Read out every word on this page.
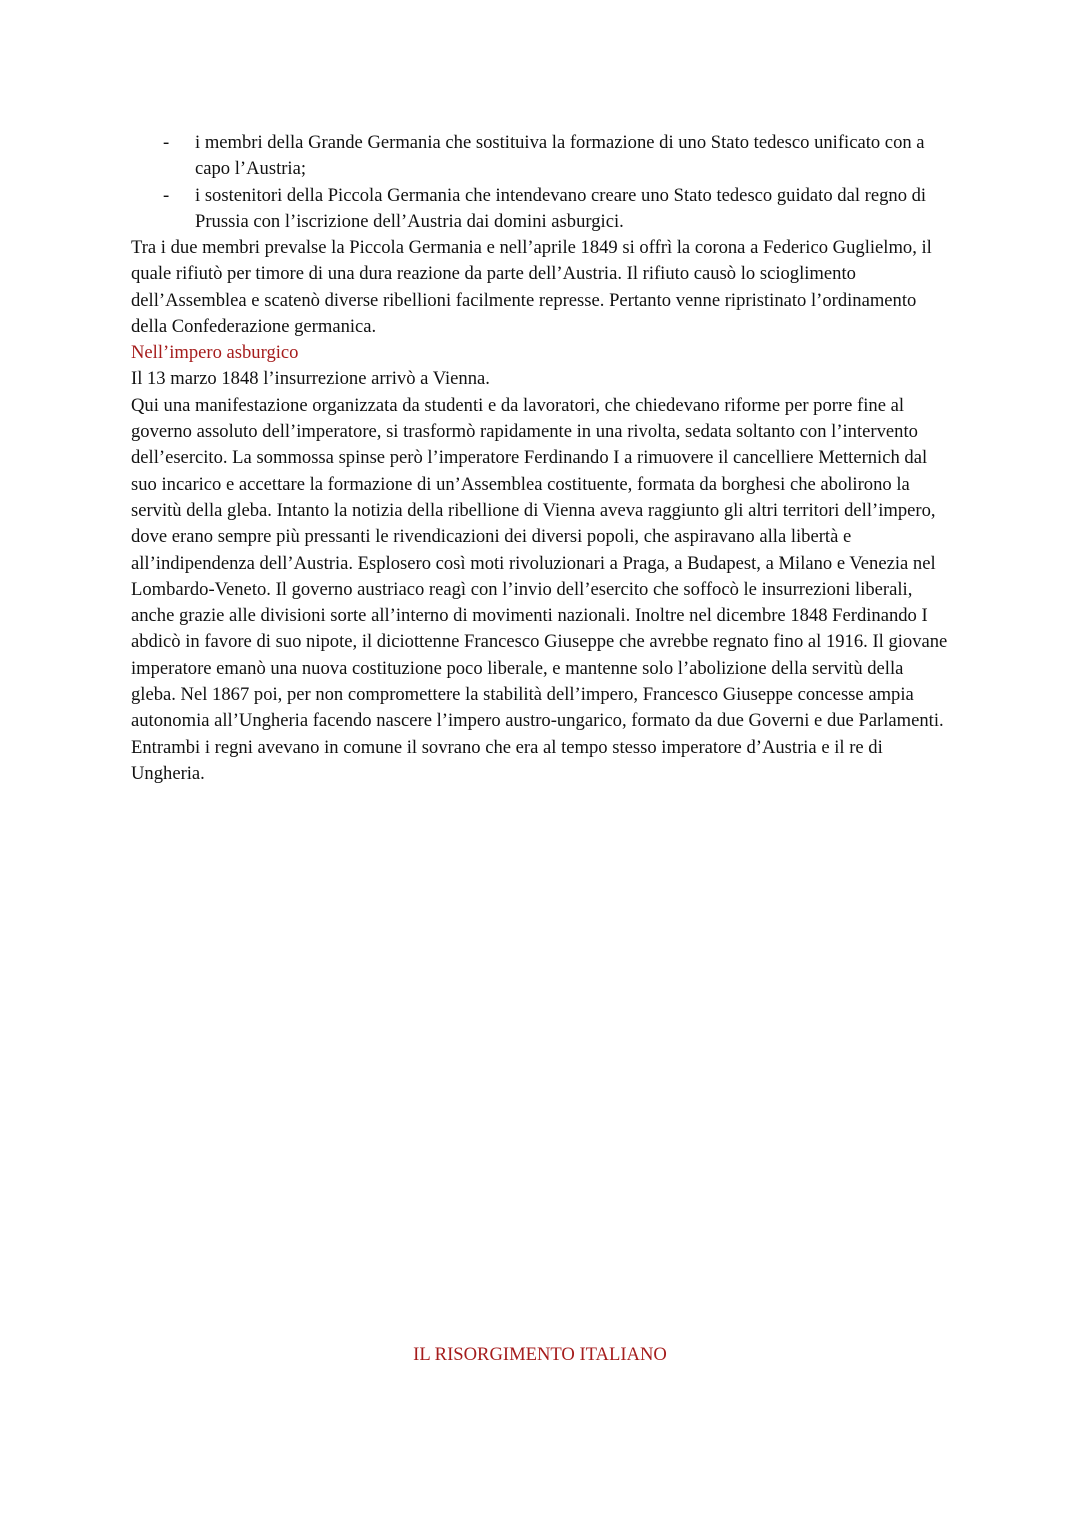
- i membri della Grande Germania che sostituiva la formazione di uno Stato tedesco unificato con a capo l’Austria;
- i sostenitori della Piccola Germania che intendevano creare uno Stato tedesco guidato dal regno di Prussia con l’iscrizione dell’Austria dai domini asburgici.

Tra i due membri prevalse la Piccola Germania e nell’aprile 1849 si offrì la corona a Federico Guglielmo, il quale rifiutò per timore di una dura reazione da parte dell’Austria. Il rifiuto causò lo scioglimento dell’Assemblea e scatenò diverse ribellioni facilmente represse. Pertanto venne ripristinato l’ordinamento della Confederazione germanica.

Nell’impero asburgico

Il 13 marzo 1848 l’insurrezione arrivò a Vienna.

Qui una manifestazione organizzata da studenti e da lavoratori, che chiedevano riforme per porre fine al governo assoluto dell’imperatore, si trasformò rapidamente in una rivolta, sedata soltanto con l’intervento dell’esercito. La sommossa spinse però l’imperatore Ferdinando I a rimuovere il cancelliere Metternich dal suo incarico e accettare la formazione di un’Assemblea costituente, formata da borghesi che abolirono la servitù della gleba. Intanto la notizia della ribellione di Vienna aveva raggiunto gli altri territori dell’impero, dove erano sempre più pressanti le rivendicazioni dei diversi popoli, che aspiravano alla libertà e all’indipendenza dell’Austria. Esplosero così moti rivoluzionari a Praga, a Budapest, a Milano e Venezia nel Lombardo-Veneto. Il governo austriaco reagì con l’invio dell’esercito che soffocò le insurrezioni liberali, anche grazie alle divisioni sorte all’interno di movimenti nazionali. Inoltre nel dicembre 1848 Ferdinando I abdicò in favore di suo nipote, il diciottenne Francesco Giuseppe che avrebbe regnato fino al 1916. Il giovane imperatore emanò una nuova costituzione poco liberale, e mantenne solo l’abolizione della servitù della gleba. Nel 1867 poi, per non compromettere la stabilità dell’impero, Francesco Giuseppe concesse ampia autonomia all’Ungheria facendo nascere l’impero austro-ungarico, formato da due Governi e due Parlamenti. Entrambi i regni avevano in comune il sovrano che era al tempo stesso imperatore d’Austria e il re di Ungheria.

IL RISORGIMENTO ITALIANO
